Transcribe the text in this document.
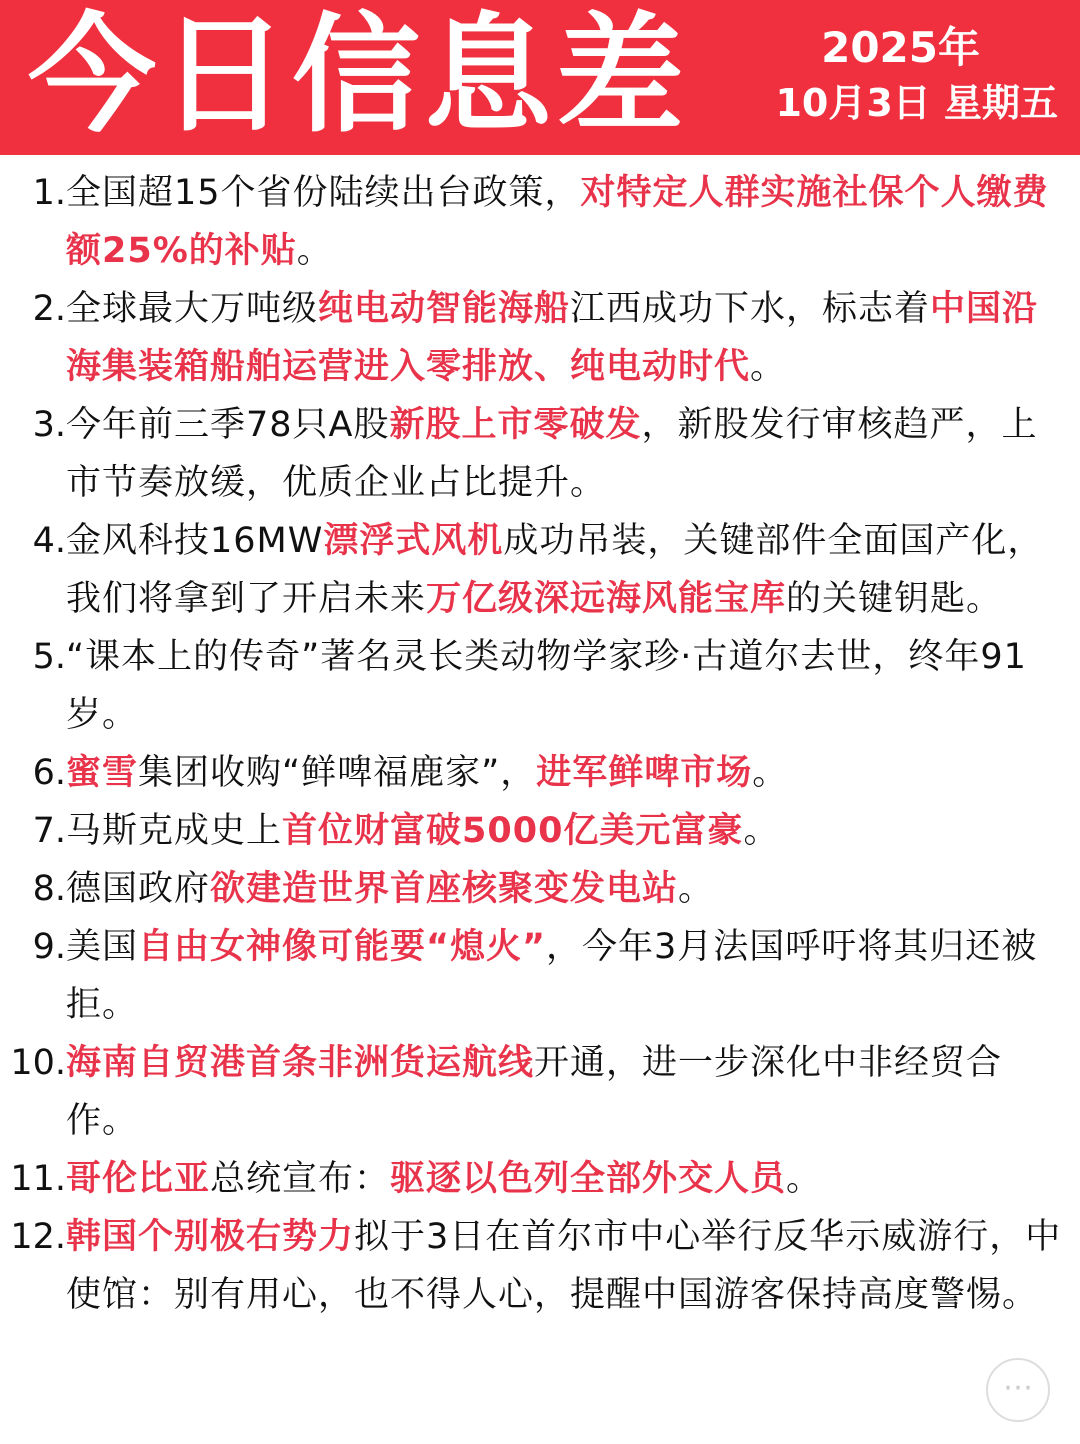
今日信息差	2025年
10月3日 星期五
1. 全国超15个省份陆续出台政策，对特定人群实施社保个人缴费额25%的补贴。
2. 全球最大万吨级纯电动智能海船江西成功下水，标志着中国沿海集装箱船舶运营进入零排放、纯电动时代。
3. 今年前三季78只A股新股上市零破发，新股发行审核趋严，上市节奏放缓，优质企业占比提升。
4. 金风科技16MW漂浮式风机成功吊装，关键部件全面国产化，我们将拿到了开启未来万亿级深远海风能宝库的关键钥匙。
5. “课本上的传奇”著名灵长类动物学家珍·古道尔去世，终年91岁。
6. 蜜雪集团收购“鲜啤福鹿家”，进军鲜啤市场。
7. 马斯克成史上首位财富破5000亿美元富豪。
8. 德国政府欲建造世界首座核聚变发电站。
9. 美国自由女神像可能要“熄火”，今年3月法国呼吁将其归还被拒。
10. 海南自贸港首条非洲货运航线开通，进一步深化中非经贸合作。
11. 哥伦比亚总统宣布：驱逐以色列全部外交人员。
12. 韩国个别极右势力拟于3日在首尔市中心举行反华示威游行，中使馆：别有用心，也不得人心，提醒中国游客保持高度警惕。
⋯
